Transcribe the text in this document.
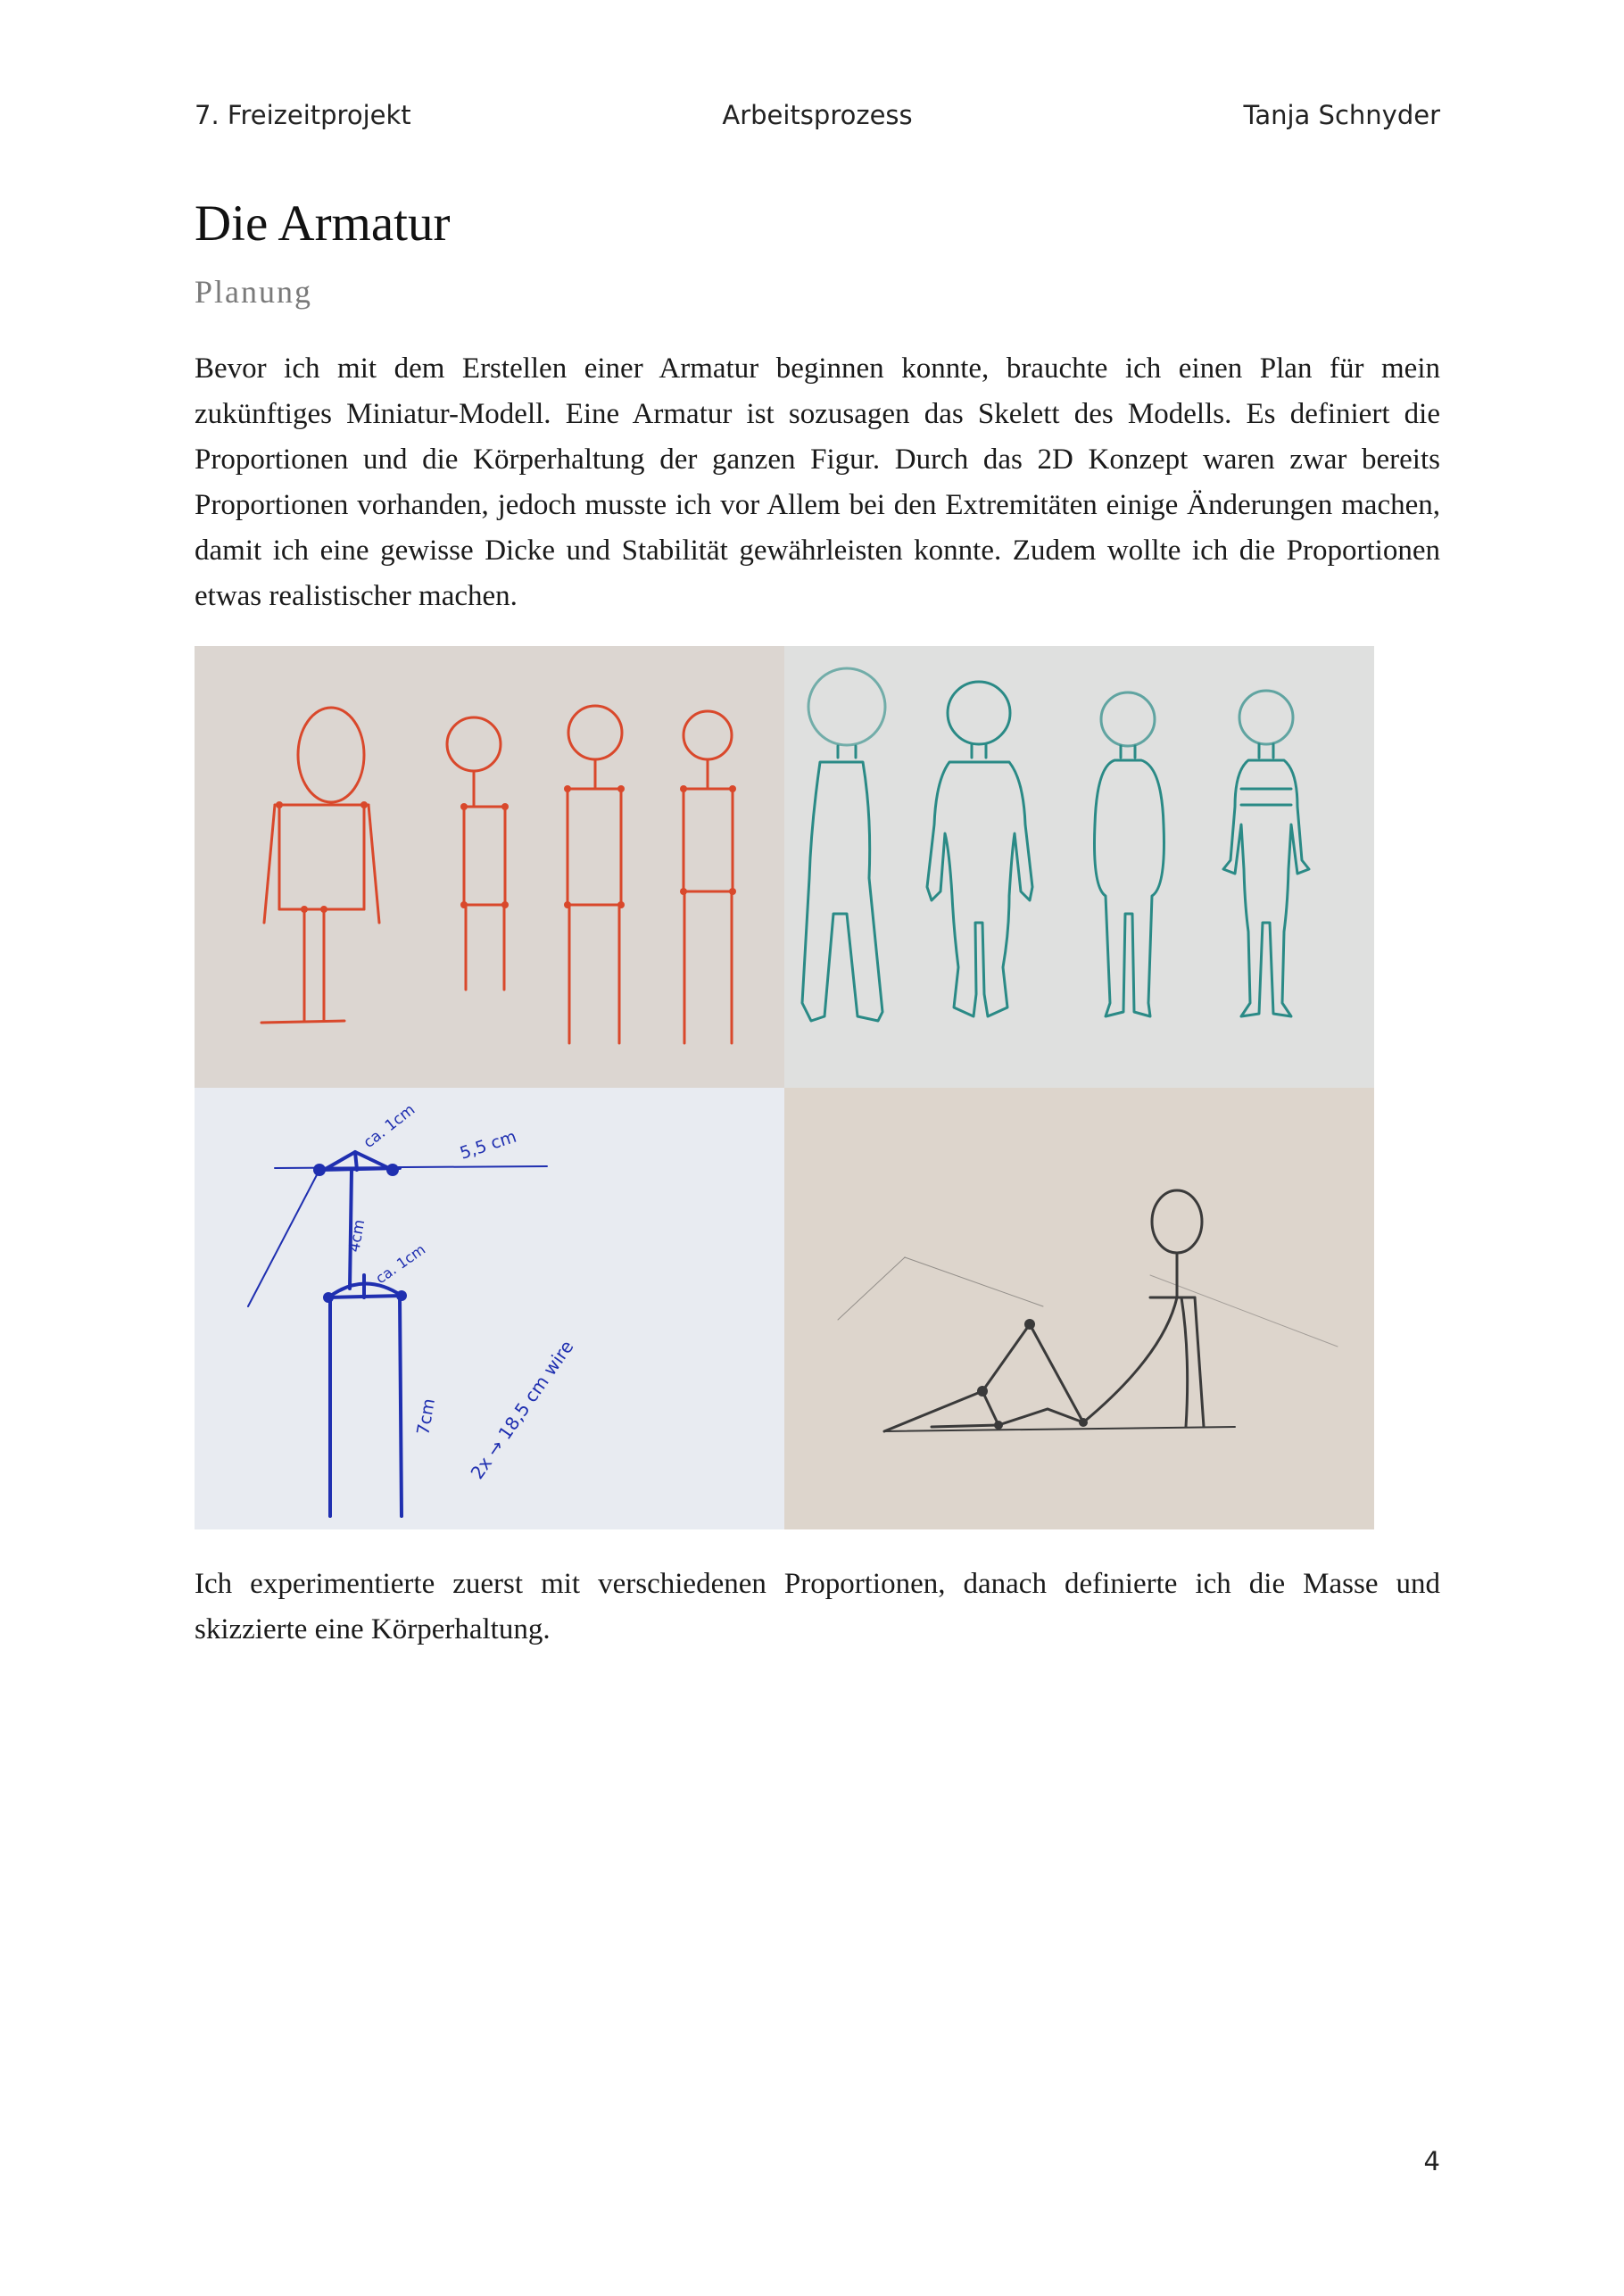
7. Freizeitprojekt	Arbeitsprozess	Tanja Schnyder
Die Armatur
Planung

Bevor ich mit dem Erstellen einer Armatur beginnen konnte, brauchte ich einen Plan für mein zukünftiges Miniatur-Modell. Eine Armatur ist sozusagen das Skelett des Modells. Es definiert die Proportionen und die Körperhaltung der ganzen Figur. Durch das 2D Konzept waren zwar bereits Proportionen vorhanden, jedoch musste ich vor Allem bei den Extremitäten einige Änderungen machen, damit ich eine gewisse Dicke und Stabilität gewährleisten konnte. Zudem wollte ich die Proportionen etwas realistischer machen.

ca. 1cm 5,5 cm
4cm
ca. 1cm
7cm 2x → 18,5 cm wire

Ich experimentierte zuerst mit verschiedenen Proportionen, danach definierte ich die Masse und skizzierte eine Körperhaltung.

4
